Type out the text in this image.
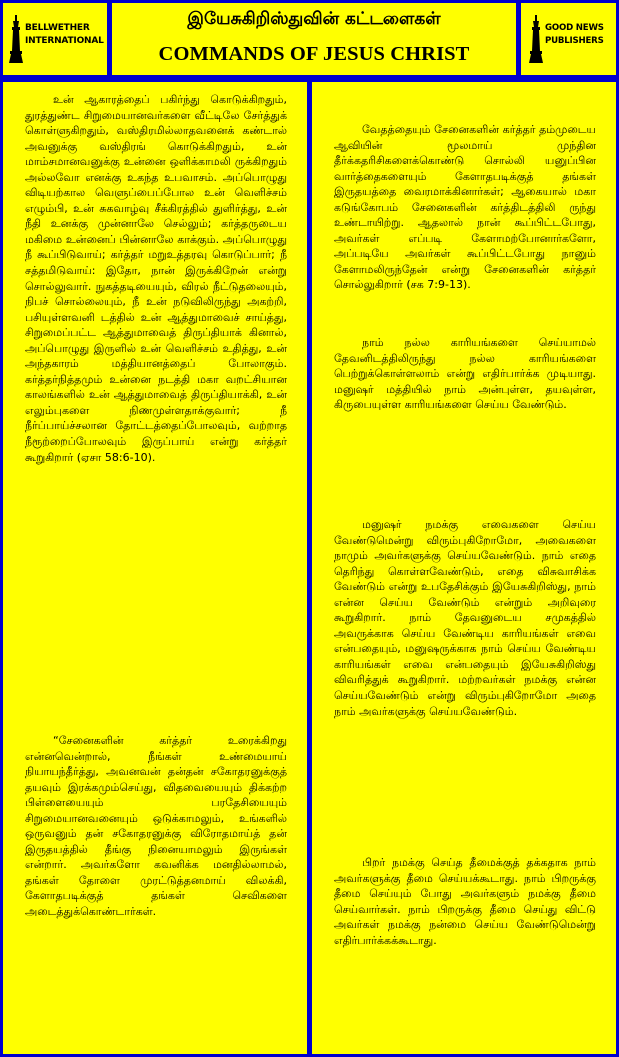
BELLWETHER
INTERNATIONAL
இயேசுகிறிஸ்துவின் கட்டளைகள்
COMMANDS OF JESUS CHRIST
GOOD NEWS
PUBLISHERS

உன் ஆகாரத்தைப் பகிர்ந்து கொடுக்கிறதும், துரத்துண்ட சிறுமையானவர்களை வீட்டிலே சேர்த்துக் கொள்ளுகிறதும், வஸ்திரமில்லாதவனைக் கண்டால் அவனுக்கு வஸ்திரங் கொடுக்கிறதும், உன் மாம்சமானவனுக்கு உன்னை ஒளிக்காமலி ருக்கிறதும் அல்லவோ எனக்கு உகந்த உபவாசம். அப்பொழுது விடியற்கால வெளுப்பைப்போல உன் வெளிச்சம் எழும்பி, உன் சுகவாழ்வு சீக்கிரத்தில் துளிர்த்து, உன் நீதி உனக்கு முன்னாலே செல்லும்; கர்த்தருடைய மகிமை உன்னைப் பின்னாலே காக்கும். அப்பொழுது நீ கூப்பிடுவாய்; கர்த்தர் மறுஉத்தரவு கொடுப்பார்; நீ சத்தமிடுவாய்: இதோ, நான் இருக்கிறேன் என்று சொல்லுவார். நுகத்தடியையும், விரல் நீட்டுதலையும், நிபச் சொல்லையும், நீ உன் நடுவிலிருந்து அகற்றி, பசியுள்ளவனி டத்தில் உன் ஆத்துமாவைச் சாய்த்து, சிறுமைப்பட்ட ஆத்துமாவைத் திருப்தியாக் கினால், அப்பொழுது இருளில் உன் வெளிச்சம் உதித்து, உன் அந்தகாரம் மத்தியானத்தைப் போலாகும். கர்த்தர்நித்தமும் உன்னை நடத்தி மகா வறட்சியான காலங்களில் உன் ஆத்துமாவைத் திருப்தியாக்கி, உன் எலும்புகளை நிணமுள்ளதாக்குவார்; நீ நீர்ப்பாய்ச்சலான தோட்டத்தைப்போலவும், வற்றாத நீரூற்றைப்போலவும் இருப்பாய் என்று கர்த்தர் கூறுகிறார் (ஏசா 58:6-10).

“சேனைகளின் கர்த்தர் உரைக்கிறது என்னவென்றால், நீங்கள் உண்மையாய் நியாயந்தீர்த்து, அவனவன் தன்தன் சகோதரனுக்குத் தயவும் இரக்கமும்செய்து, விதவையையும் திக்கற்ற பிள்ளையையும் பரதேசியையும் சிறுமையானவனையும் ஒடுக்காமலும், உங்களில் ஒருவனும் தன் சகோதரனுக்கு விரோதமாய்த் தன் இருதயத்தில் தீங்கு நினையாமலும் இருங்கள் என்றார். அவர்களோ கவனிக்க மனதில்லாமல், தங்கள் தோளை முரட்டுத்தனமாய் விலக்கி, கேளாதபடிக்குத் தங்கள் செவிகளை அடைத்துக்கொண்டார்கள்.

வேதத்தையும் சேனைகளின் கர்த்தர் தம்முடைய ஆவியின் மூலமாய் முந்தின தீர்க்கதரிசிகளைக்கொண்டு சொல்லி யனுப்பின வார்த்தைகளையும் கேளாதபடிக்குத் தங்கள் இருதயத்தை வைரமாக்கினார்கள்; ஆகையால் மகா கடுங்கோபம் சேனைகளின் கர்த்திடத்திலி ருந்து உண்டாயிற்று. ஆதலால் நான் கூப்பிட்டபோது, அவர்கள் எப்படி கேளாமற்போனார்களோ, அப்படியே அவர்கள் கூப்பிட்டபோது நானும் கேளாமலிருந்தேன் என்று சேனைகளின் கர்த்தர் சொல்லுகிறார் (சக 7:9-13).

நாம் நல்ல காரியங்களை செய்யாமல் தேவனிடத்திலிருந்து நல்ல காரியங்களை பெற்றுக்கொள்ளலாம் என்று எதிர்பார்க்க முடியாது. மனுஷர் மத்தியில் நாம் அன்புள்ள, தயவுள்ள, கிருபையுள்ள காரியங்களை செய்ய வேண்டும்.

மனுஷர் நமக்கு எவைகளை செய்ய வேண்டுமென்று விரும்புகிறோமோ, அவைகளை நாமும் அவர்களுக்கு செய்யவேண்டும். நாம் எதை தெரிந்து கொள்ளவேண்டும், எதை விசுவாசிக்க வேண்டும் என்று உபதேசிக்கும் இயேசுகிறிஸ்து, நாம் என்ன செய்ய வேண்டும் என்றும் அறிவுரை கூறுகிறார். நாம் தேவனுடைய சமுகத்தில் அவருக்காக செய்ய வேண்டிய காரியங்கள் எவை என்பதையும், மனுஷருக்காக நாம் செய்ய வேண்டிய காரியங்கள் எவை என்பதையும் இயேசுகிறிஸ்து விவரித்துக் கூறுகிறார். மற்றவர்கள் நமக்கு என்ன செய்யவேண்டும் என்று விரும்புகிறோமோ அதை நாம் அவர்களுக்கு செய்யவேண்டும்.

பிறர் நமக்கு செய்த தீமைக்குத் தக்கதாக நாம் அவர்களுக்கு தீமை செய்யக்கூடாது. நாம் பிறருக்கு தீமை செய்யும் போது அவர்களும் நமக்கு தீமை செய்வார்கள். நாம் பிறருக்கு தீமை செய்து விட்டு அவர்கள் நமக்கு நன்மை செய்ய வேண்டுமென்று எதிர்பார்க்கக்கூடாது.
